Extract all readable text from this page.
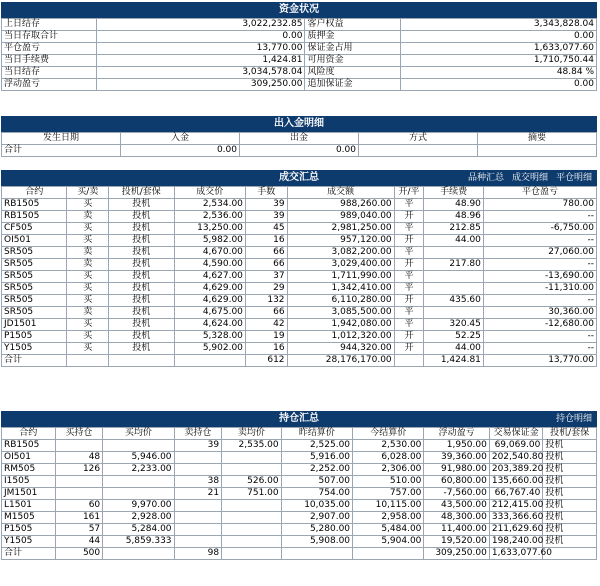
资金状况
上日结存	3,022,232.85	客户权益	3,343,828.04
当日存取合计	0.00	质押金	0.00
平仓盈亏	13,770.00	保证金占用	1,633,077.60
当日手续费	1,424.81	可用资金	1,710,750.44
当日结存	3,034,578.04	风险度	48.84 %
浮动盈亏	309,250.00	追加保证金	0.00
出入金明细
发生日期	入金	出金	方式	摘要
合计	0.00	0.00		
成交汇总	品种汇总 成交明细 平仓明细
合约	买/卖	投机/套保	成交价	手数	成交额	开/平	手续费	平仓盈亏
RB1505	买	投机	2,534.00	39	988,260.00	平	48.90	780.00
RB1505	卖	投机	2,536.00	39	989,040.00	开	48.96	--
CF505	买	投机	13,250.00	45	2,981,250.00	平	212.85	-6,750.00
OI501	买	投机	5,982.00	16	957,120.00	开	44.00	--
SR505	卖	投机	4,670.00	66	3,082,200.00	平		27,060.00
SR505	卖	投机	4,590.00	66	3,029,400.00	开	217.80	--
SR505	买	投机	4,627.00	37	1,711,990.00	平		-13,690.00
SR505	买	投机	4,629.00	29	1,342,410.00	平		-11,310.00
SR505	买	投机	4,629.00	132	6,110,280.00	开	435.60	--
SR505	卖	投机	4,675.00	66	3,085,500.00	平		30,360.00
JD1501	买	投机	4,624.00	42	1,942,080.00	平	320.45	-12,680.00
P1505	买	投机	5,328.00	19	1,012,320.00	开	52.25	--
Y1505	买	投机	5,902.00	16	944,320.00	开	44.00	--
合计				612	28,176,170.00		1,424.81	13,770.00
持仓汇总	持仓明细
合约	买持仓	买均价	卖持仓	卖均价	昨结算价	今结算价	浮动盈亏	交易保证金	投机/套保
RB1505			39	2,535.00	2,525.00	2,530.00	1,950.00	69,069.00	投机
OI501	48	5,946.00			5,916.00	6,028.00	39,360.00	202,540.80	投机
RM505	126	2,233.00			2,252.00	2,306.00	91,980.00	203,389.20	投机
I1505			38	526.00	507.00	510.00	60,800.00	135,660.00	投机
JM1501			21	751.00	754.00	757.00	-7,560.00	66,767.40	投机
L1501	60	9,970.00			10,035.00	10,115.00	43,500.00	212,415.00	投机
M1505	161	2,928.00			2,907.00	2,958.00	48,300.00	333,366.60	投机
P1505	57	5,284.00			5,280.00	5,484.00	11,400.00	211,629.60	投机
Y1505	44	5,859.333			5,908.00	5,904.00	19,520.00	198,240.00	投机
合计	500		98				309,250.00	1,633,077.60	
